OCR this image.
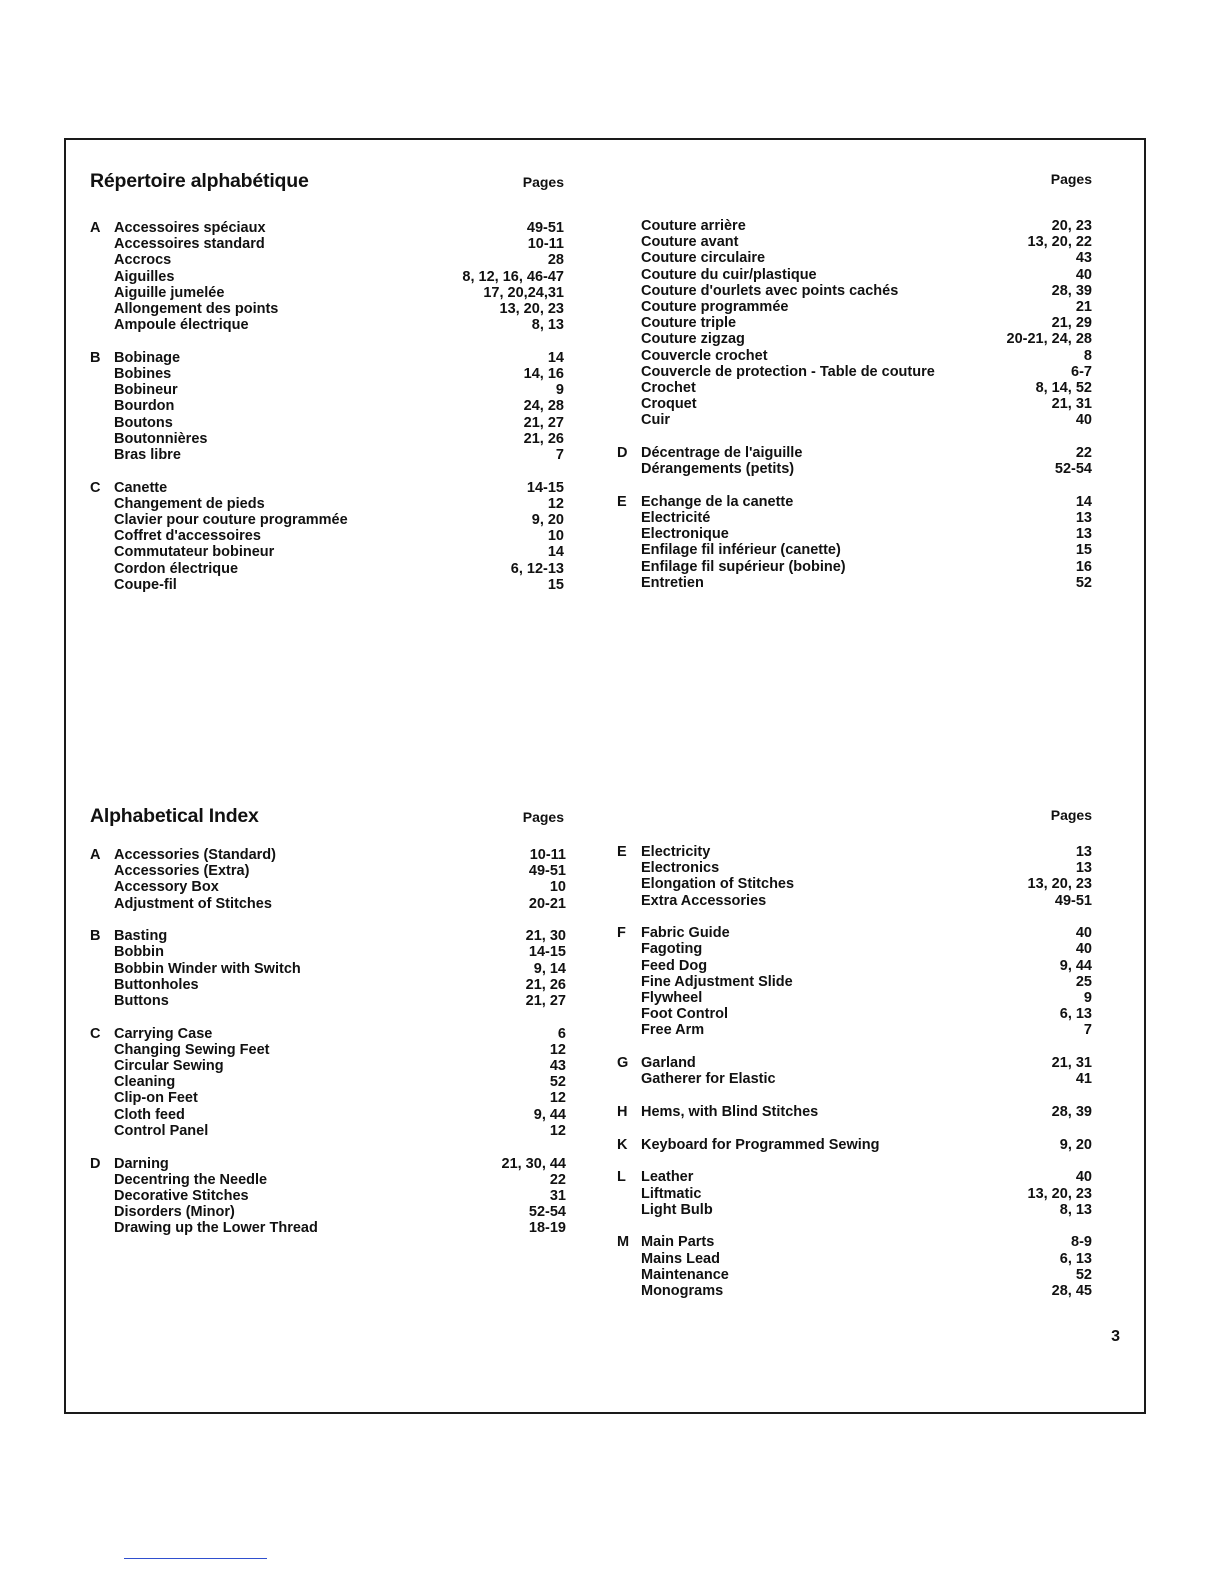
Répertoire alphabétique	Pages	Pages
A Accessoires spéciaux	49-51
Accessoires standard	10-11
Accrocs	28
Aiguilles	8, 12, 16, 46-47
Aiguille jumelée	17, 20,24,31
Allongement des points	13, 20, 23
Ampoule électrique	8, 13
B Bobinage	14
Bobines	14, 16
Bobineur	9
Bourdon	24, 28
Boutons	21, 27
Boutonnières	21, 26
Bras libre	7
C Canette	14-15
Changement de pieds	12
Clavier pour couture programmée	9, 20
Coffret d'accessoires	10
Commutateur bobineur	14
Cordon électrique	6, 12-13
Coupe-fil	15
Couture arrière	20, 23
Couture avant	13, 20, 22
Couture circulaire	43
Couture du cuir/plastique	40
Couture d'ourlets avec points cachés	28, 39
Couture programmée	21
Couture triple	21, 29
Couture zigzag	20-21, 24, 28
Couvercle crochet	8
Couvercle de protection - Table de couture	6-7
Crochet	8, 14, 52
Croquet	21, 31
Cuir	40
D Décentrage de l'aiguille	22
Dérangements (petits)	52-54
E Echange de la canette	14
Electricité	13
Electronique	13
Enfilage fil inférieur (canette)	15
Enfilage fil supérieur (bobine)	16
Entretien	52
Alphabetical Index	Pages	Pages
A Accessories (Standard)	10-11
Accessories (Extra)	49-51
Accessory Box	10
Adjustment of Stitches	20-21
B Basting	21, 30
Bobbin	14-15
Bobbin Winder with Switch	9, 14
Buttonholes	21, 26
Buttons	21, 27
C Carrying Case	6
Changing Sewing Feet	12
Circular Sewing	43
Cleaning	52
Clip-on Feet	12
Cloth feed	9, 44
Control Panel	12
D Darning	21, 30, 44
Decentring the Needle	22
Decorative Stitches	31
Disorders (Minor)	52-54
Drawing up the Lower Thread	18-19
E Electricity	13
Electronics	13
Elongation of Stitches	13, 20, 23
Extra Accessories	49-51
F	Fabric Guide	40
Fagoting	40
Feed Dog	9, 44
Fine Adjustment Slide	25
Flywheel	9
Foot Control	6, 13
Free Arm	7
G Garland	21, 31
Gatherer for Elastic	41
H Hems, with Blind Stitches	28, 39
K Keyboard for Programmed Sewing	9, 20
L	Leather	40
Liftmatic	13, 20, 23
Light Bulb	8, 13
M Main Parts	8-9
Mains Lead	6, 13
Maintenance	52
Monograms	28, 45
3
